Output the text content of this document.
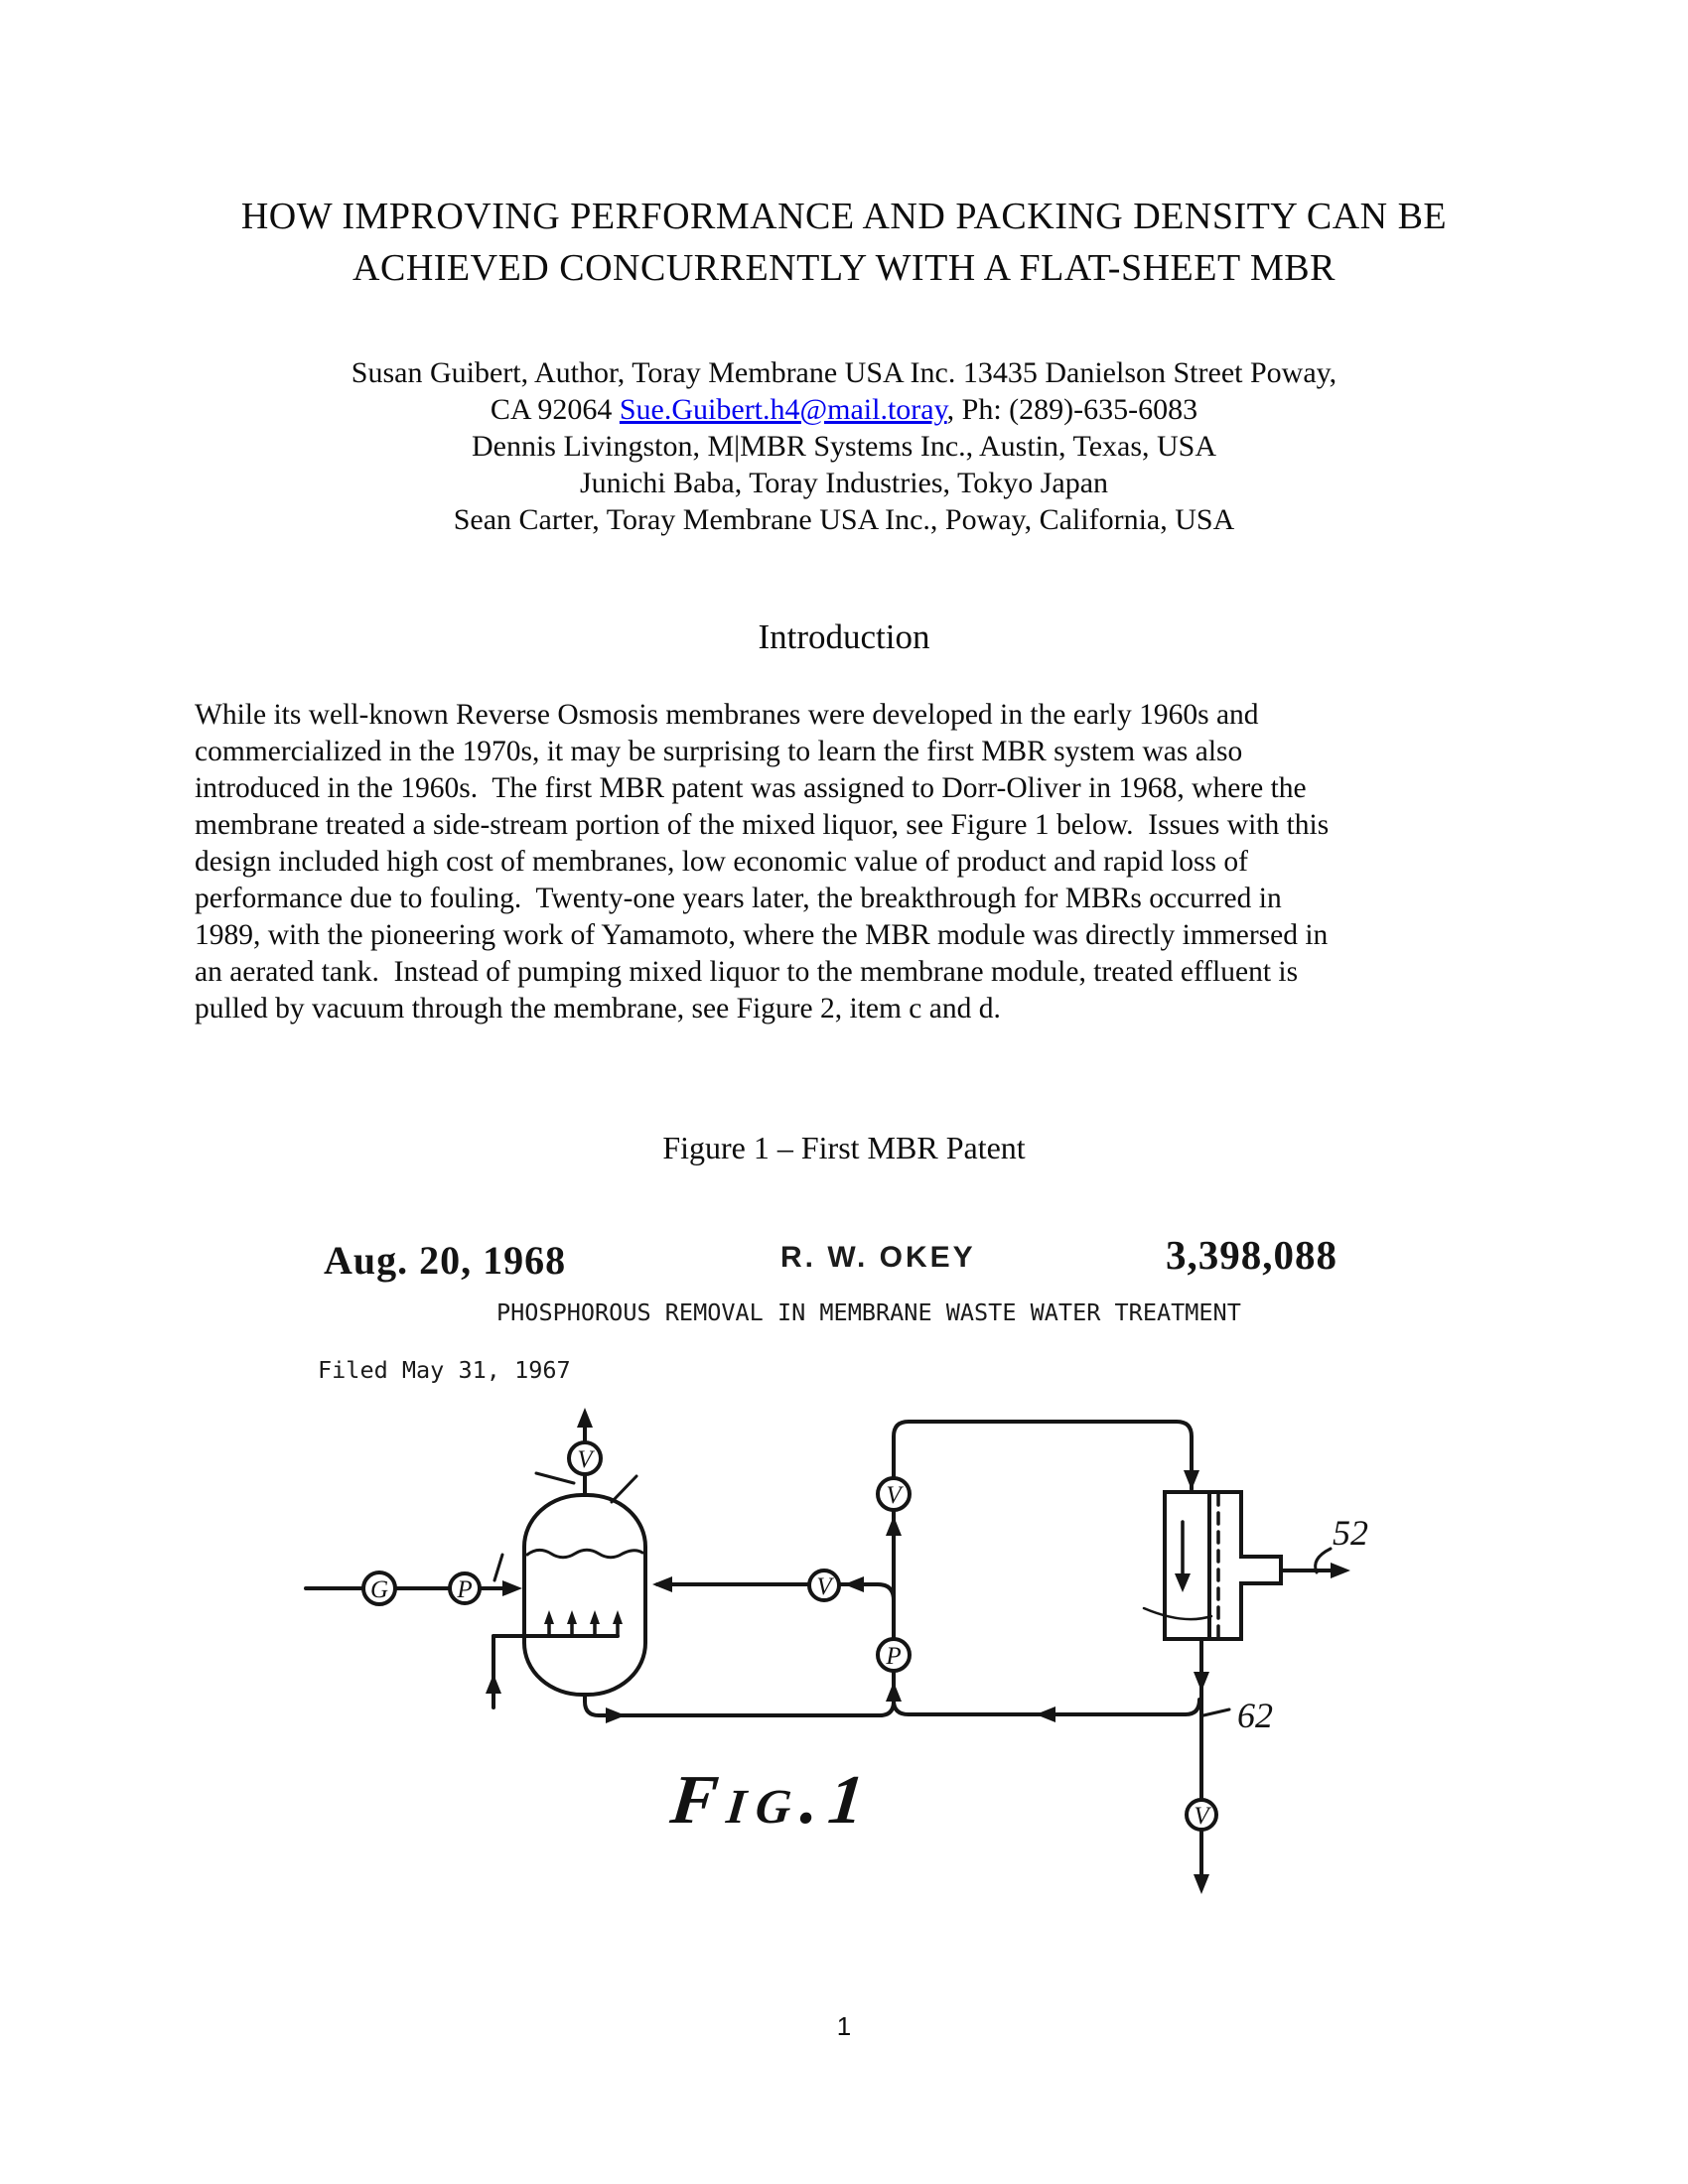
HOW IMPROVING PERFORMANCE AND PACKING DENSITY CAN BE
ACHIEVED CONCURRENTLY WITH A FLAT-SHEET MBR
Susan Guibert, Author, Toray Membrane USA Inc. 13435 Danielson Street Poway,
CA 92064 Sue.Guibert.h4@mail.toray, Ph: (289)-635-6083
Dennis Livingston, M|MBR Systems Inc., Austin, Texas, USA
Junichi Baba, Toray Industries, Tokyo Japan
Sean Carter, Toray Membrane USA Inc., Poway, California, USA
Introduction
While its well-known Reverse Osmosis membranes were developed in the early 1960s and
commercialized in the 1970s, it may be surprising to learn the first MBR system was also
introduced in the 1960s.  The first MBR patent was assigned to Dorr-Oliver in 1968, where the
membrane treated a side-stream portion of the mixed liquor, see Figure 1 below.  Issues with this
design included high cost of membranes, low economic value of product and rapid loss of
performance due to fouling.  Twenty-one years later, the breakthrough for MBRs occurred in
1989, with the pioneering work of Yamamoto, where the MBR module was directly immersed in
an aerated tank.  Instead of pumping mixed liquor to the membrane module, treated effluent is
pulled by vacuum through the membrane, see Figure 2, item c and d.
Figure 1 – First MBR Patent
Aug. 20, 1968	R. W. OKEY	3,398,088
PHOSPHOROUS REMOVAL IN MEMBRANE WASTE WATER TREATMENT
Filed May 31, 1967
Fig.1
G	P
V
V
V
P
V
52
62
1
